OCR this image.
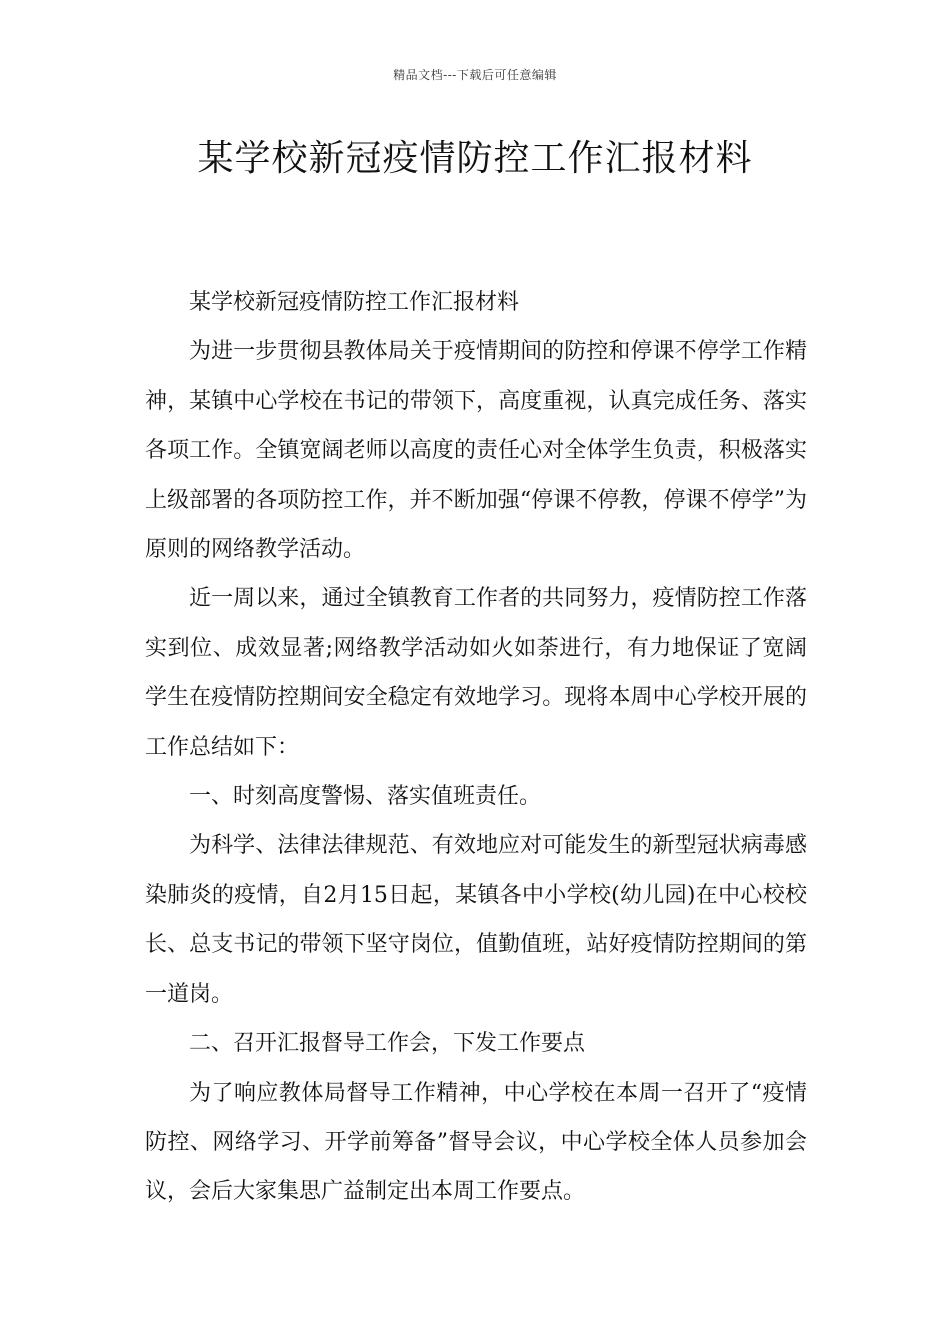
精品文档---下载后可任意编辑
某学校新冠疫情防控工作汇报材料

某学校新冠疫情防控工作汇报材料

为进一步贯彻县教体局关于疫情期间的防控和停课不停学工作精神，某镇中心学校在书记的带领下，高度重视，认真完成任务、落实各项工作。全镇宽阔老师以高度的责任心对全体学生负责，积极落实上级部署的各项防控工作，并不断加强“停课不停教，停课不停学”为原则的网络教学活动。

近一周以来，通过全镇教育工作者的共同努力，疫情防控工作落实到位、成效显著;网络教学活动如火如荼进行，有力地保证了宽阔学生在疫情防控期间安全稳定有效地学习。现将本周中心学校开展的工作总结如下：

一、时刻高度警惕、落实值班责任。

为科学、法律法律规范、有效地应对可能发生的新型冠状病毒感染肺炎的疫情，自2月15日起，某镇各中小学校(幼儿园)在中心校校长、总支书记的带领下坚守岗位，值勤值班，站好疫情防控期间的第一道岗。

二、召开汇报督导工作会，下发工作要点

为了响应教体局督导工作精神，中心学校在本周一召开了“疫情防控、网络学习、开学前筹备”督导会议，中心学校全体人员参加会议，会后大家集思广益制定出本周工作要点。
